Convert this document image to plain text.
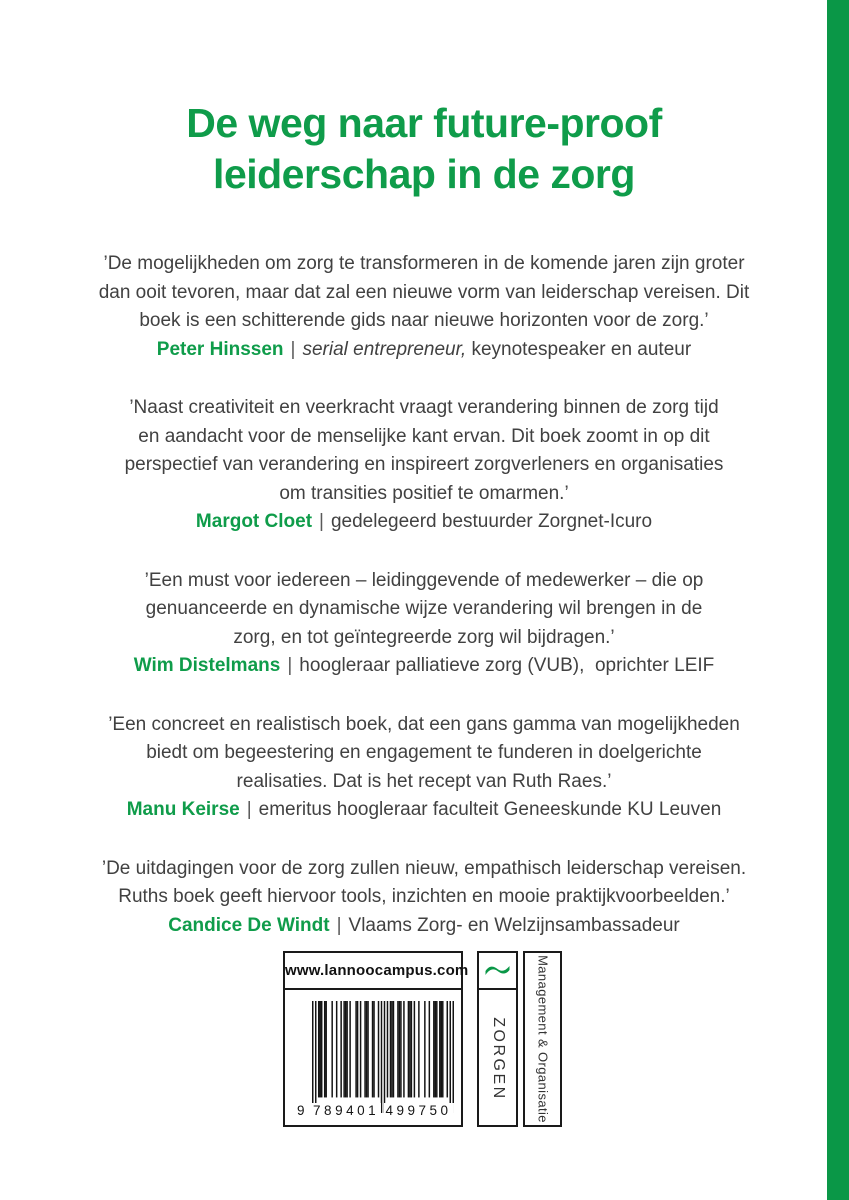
De weg naar future-proof
leiderschap in de zorg
’De mogelijkheden om zorg te transformeren in de komende jaren zijn groter
dan ooit tevoren, maar dat zal een nieuwe vorm van leiderschap vereisen. Dit
boek is een schitterende gids naar nieuwe horizonten voor de zorg.’
Peter Hinssen | serial entrepreneur, keynotespeaker en auteur
’Naast creativiteit en veerkracht vraagt verandering binnen de zorg tijd
en aandacht voor de menselijke kant ervan. Dit boek zoomt in op dit
perspectief van verandering en inspireert zorgverleners en organisaties
om transities positief te omarmen.’
Margot Cloet | gedelegeerd bestuurder Zorgnet-Icuro
’Een must voor iedereen – leidinggevende of medewerker – die op
genuanceerde en dynamische wijze verandering wil brengen in de
zorg, en tot geïntegreerde zorg wil bijdragen.’
Wim Distelmans | hoogleraar palliatieve zorg (VUB),  oprichter LEIF
’Een concreet en realistisch boek, dat een gans gamma van mogelijkheden
biedt om begeestering en engagement te funderen in doelgerichte
realisaties. Dat is het recept van Ruth Raes.’
Manu Keirse | emeritus hoogleraar faculteit Geneeskunde KU Leuven
’De uitdagingen voor de zorg zullen nieuw, empathisch leiderschap vereisen.
Ruths boek geeft hiervoor tools, inzichten en mooie praktijkvoorbeelden.’
Candice De Windt | Vlaams Zorg- en Welzijnsambassadeur
www.lannoocampus.com
9 789401 499750
ZORGEN Management & Organisatie
